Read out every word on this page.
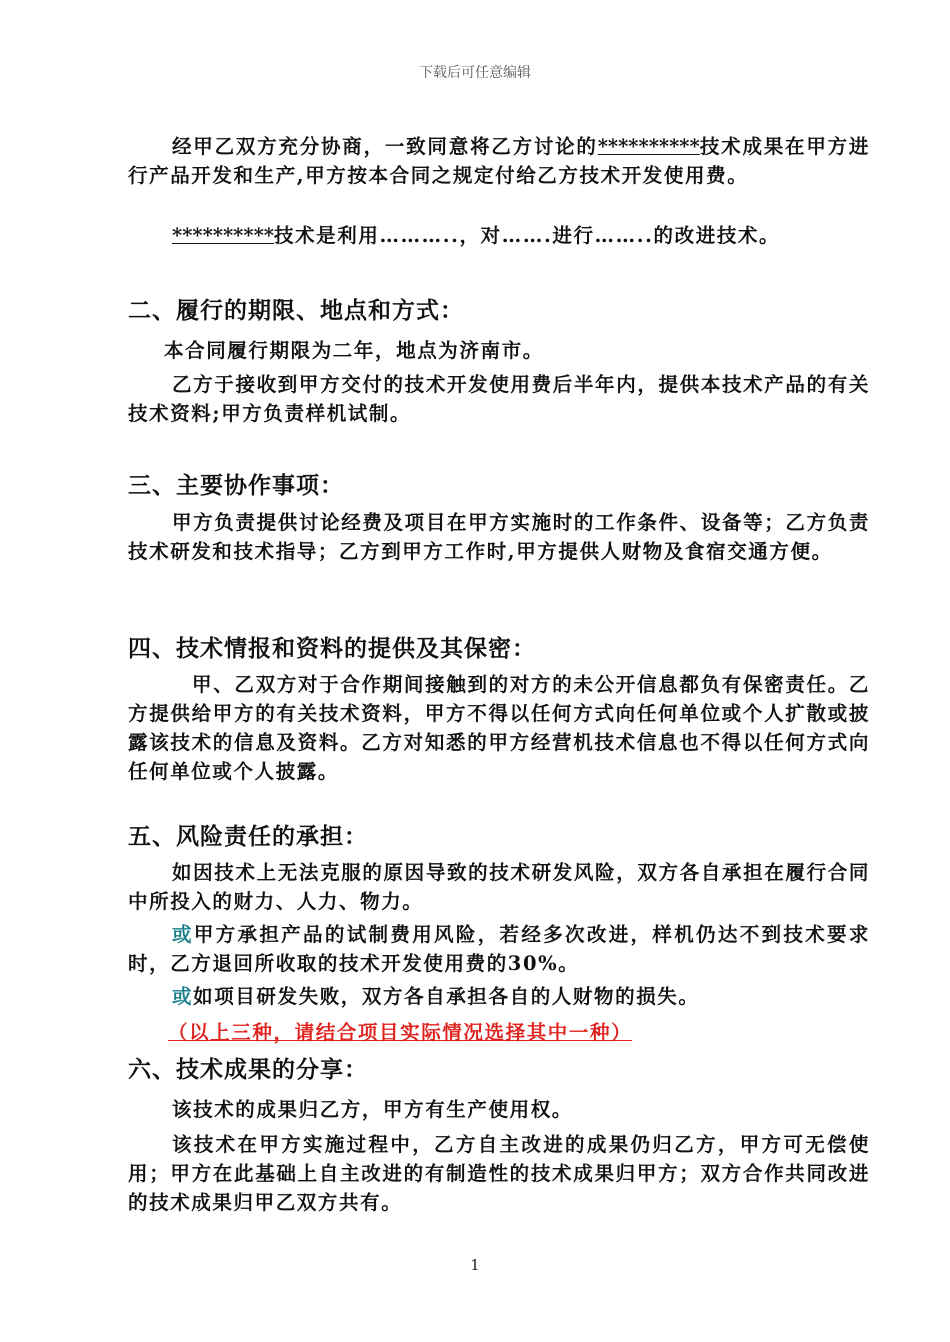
下载后可任意编辑
经甲乙双方充分协商，一致同意将乙方讨论的**********技术成果在甲方进行产品开发和生产,甲方按本合同之规定付给乙方技术开发使用费。
**********技术是利用………..，对…….进行……..的改进技术。
二、履行的期限、地点和方式：
本合同履行期限为二年，地点为济南市。
乙方于接收到甲方交付的技术开发使用费后半年内，提供本技术产品的有关技术资料;甲方负责样机试制。
三、主要协作事项：
甲方负责提供讨论经费及项目在甲方实施时的工作条件、设备等；乙方负责技术研发和技术指导；乙方到甲方工作时,甲方提供人财物及食宿交通方便。
四、技术情报和资料的提供及其保密：
甲、乙双方对于合作期间接触到的对方的未公开信息都负有保密责任。乙方提供给甲方的有关技术资料，甲方不得以任何方式向任何单位或个人扩散或披露该技术的信息及资料。乙方对知悉的甲方经营机技术信息也不得以任何方式向任何单位或个人披露。
五、风险责任的承担：
如因技术上无法克服的原因导致的技术研发风险，双方各自承担在履行合同中所投入的财力、人力、物力。
或甲方承担产品的试制费用风险，若经多次改进，样机仍达不到技术要求时，乙方退回所收取的技术开发使用费的30%。
或如项目研发失败，双方各自承担各自的人财物的损失。
（以上三种，请结合项目实际情况选择其中一种）
六、技术成果的分享：
该技术的成果归乙方，甲方有生产使用权。
该技术在甲方实施过程中，乙方自主改进的成果仍归乙方，甲方可无偿使用；甲方在此基础上自主改进的有制造性的技术成果归甲方；双方合作共同改进的技术成果归甲乙双方共有。
1
